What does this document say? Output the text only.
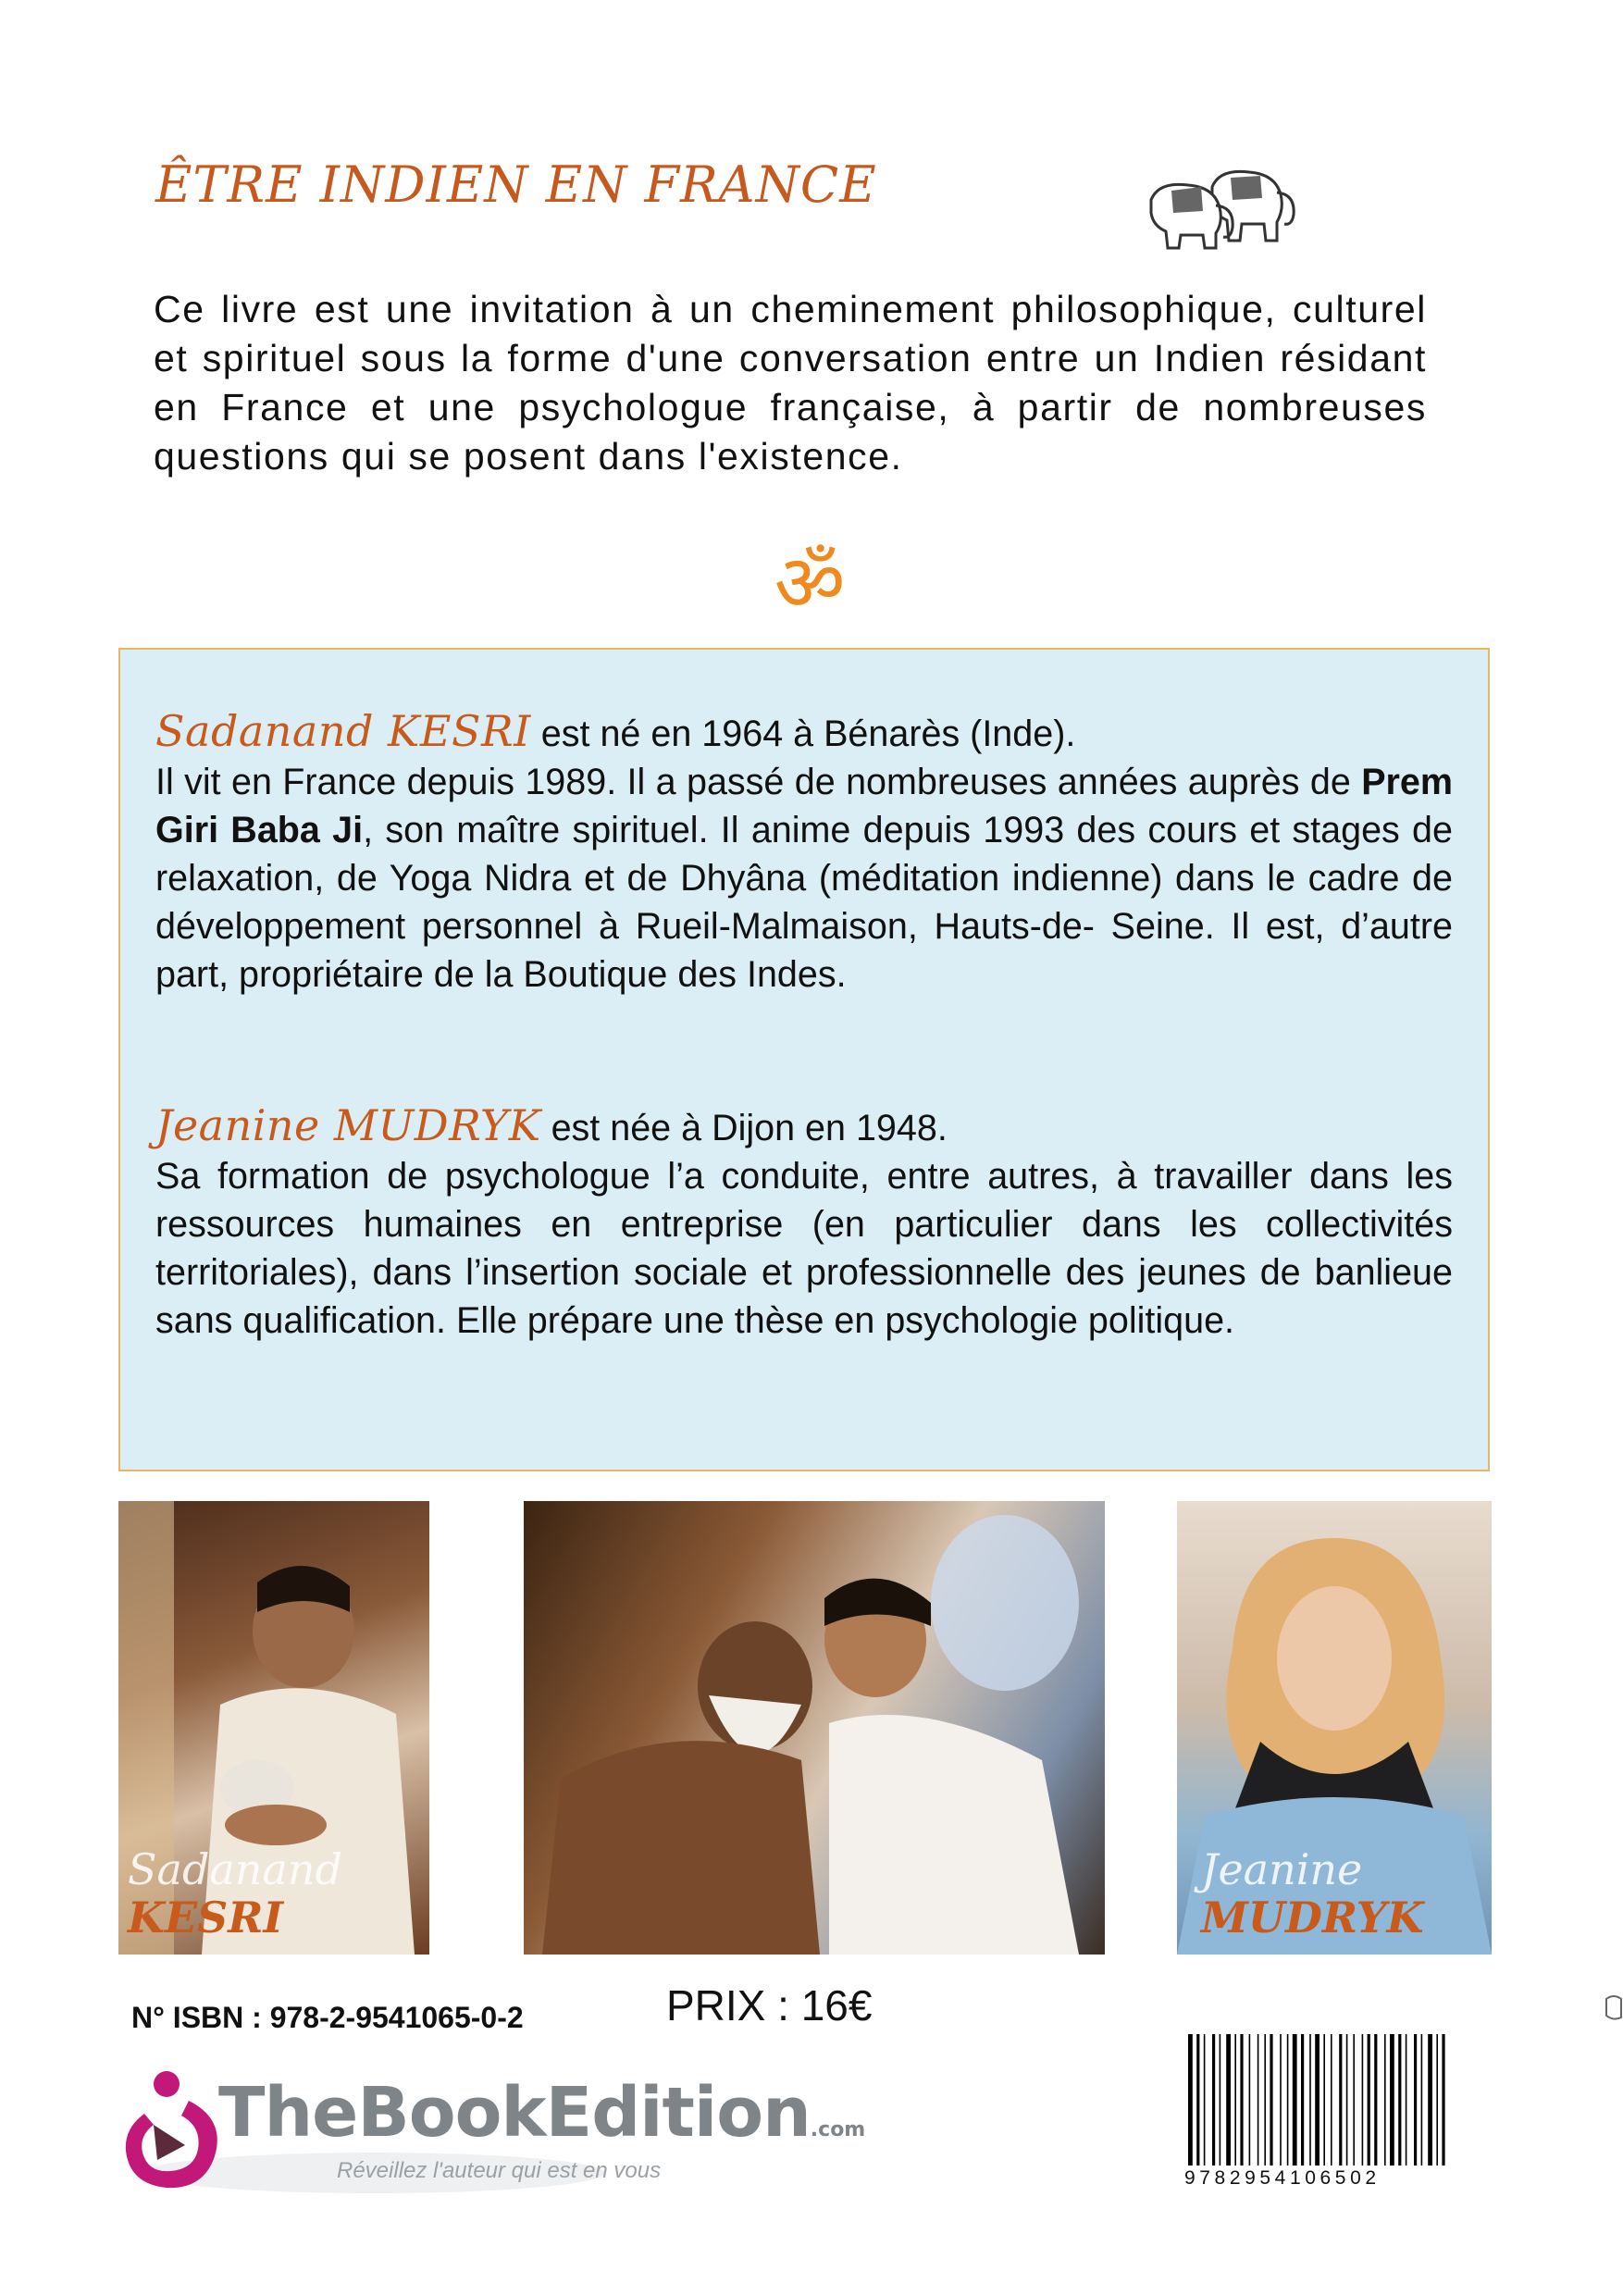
ÊTRE INDIEN EN FRANCE

Ce livre est une invitation à un cheminement philosophique, culturel et spirituel sous la forme d'une conversation entre un Indien résidant en France et une psychologue française, à partir de nombreuses questions qui se posent dans l'existence.

ॐ

Sadanand KESRI est né en 1964 à Bénarès (Inde).
Il vit en France depuis 1989. Il a passé de nombreuses années auprès de Prem Giri Baba Ji, son maître spirituel. Il anime depuis 1993 des cours et stages de relaxation, de Yoga Nidra et de Dhyâna (méditation indienne) dans le cadre de développement personnel à Rueil-Malmaison, Hauts-de- Seine. Il est, d’autre part, propriétaire de la Boutique des Indes.

Jeanine MUDRYK est née à Dijon en 1948.
Sa formation de psychologue l’a conduite, entre autres, à travailler dans les ressources humaines en entreprise (en particulier dans les collectivités territoriales), dans l’insertion sociale et professionnelle des jeunes de banlieue sans qualification. Elle prépare une thèse en psychologie politique.

Sadanand
KESRI
Jeanine
MUDRYK

N° ISBN : 978-2-9541065-0-2	PRIX : 16€

TheBookEdition.com

Réveillez l'auteur qui est en vous	9782954106502
